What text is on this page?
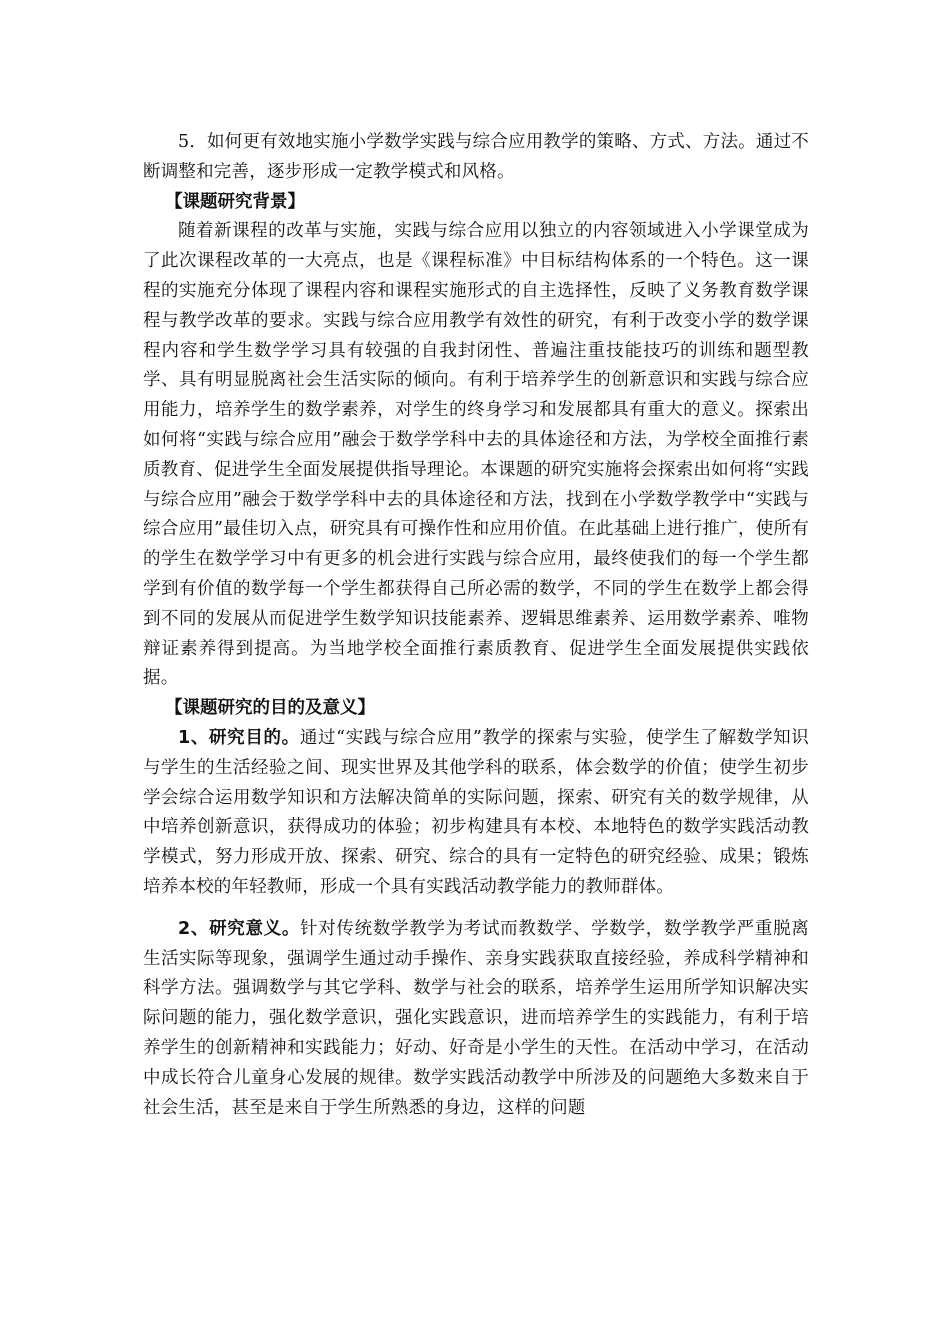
5．如何更有效地实施小学数学实践与综合应用教学的策略、方式、方法。通过不断调整和完善，逐步形成一定教学模式和风格。

【课题研究背景】

随着新课程的改革与实施，实践与综合应用以独立的内容领域进入小学课堂成为了此次课程改革的一大亮点，也是《课程标准》中目标结构体系的一个特色。这一课程的实施充分体现了课程内容和课程实施形式的自主选择性，反映了义务教育数学课程与教学改革的要求。实践与综合应用教学有效性的研究，有利于改变小学的数学课程内容和学生数学学习具有较强的自我封闭性、普遍注重技能技巧的训练和题型教学、具有明显脱离社会生活实际的倾向。有利于培养学生的创新意识和实践与综合应用能力，培养学生的数学素养，对学生的终身学习和发展都具有重大的意义。探索出如何将“实践与综合应用”融会于数学学科中去的具体途径和方法，为学校全面推行素质教育、促进学生全面发展提供指导理论。本课题的研究实施将会探索出如何将“实践与综合应用”融会于数学学科中去的具体途径和方法，找到在小学数学教学中“实践与综合应用”最佳切入点，研究具有可操作性和应用价值。在此基础上进行推广，使所有的学生在数学学习中有更多的机会进行实践与综合应用，最终使我们的每一个学生都学到有价值的数学每一个学生都获得自己所必需的数学，不同的学生在数学上都会得到不同的发展从而促进学生数学知识技能素养、逻辑思维素养、运用数学素养、唯物辩证素养得到提高。为当地学校全面推行素质教育、促进学生全面发展提供实践依据。

【课题研究的目的及意义】

1、研究目的。通过“实践与综合应用”教学的探索与实验，使学生了解数学知识与学生的生活经验之间、现实世界及其他学科的联系，体会数学的价值；使学生初步学会综合运用数学知识和方法解决简单的实际问题，探索、研究有关的数学规律，从中培养创新意识，获得成功的体验；初步构建具有本校、本地特色的数学实践活动教学模式，努力形成开放、探索、研究、综合的具有一定特色的研究经验、成果；锻炼培养本校的年轻教师，形成一个具有实践活动教学能力的教师群体。

2、研究意义。针对传统数学教学为考试而教数学、学数学，数学教学严重脱离生活实际等现象，强调学生通过动手操作、亲身实践获取直接经验，养成科学精神和科学方法。强调数学与其它学科、数学与社会的联系，培养学生运用所学知识解决实际问题的能力，强化数学意识，强化实践意识，进而培养学生的实践能力，有利于培养学生的创新精神和实践能力；好动、好奇是小学生的天性。在活动中学习，在活动中成长符合儿童身心发展的规律。数学实践活动教学中所涉及的问题绝大多数来自于社会生活，甚至是来自于学生所熟悉的身边，这样的问题
